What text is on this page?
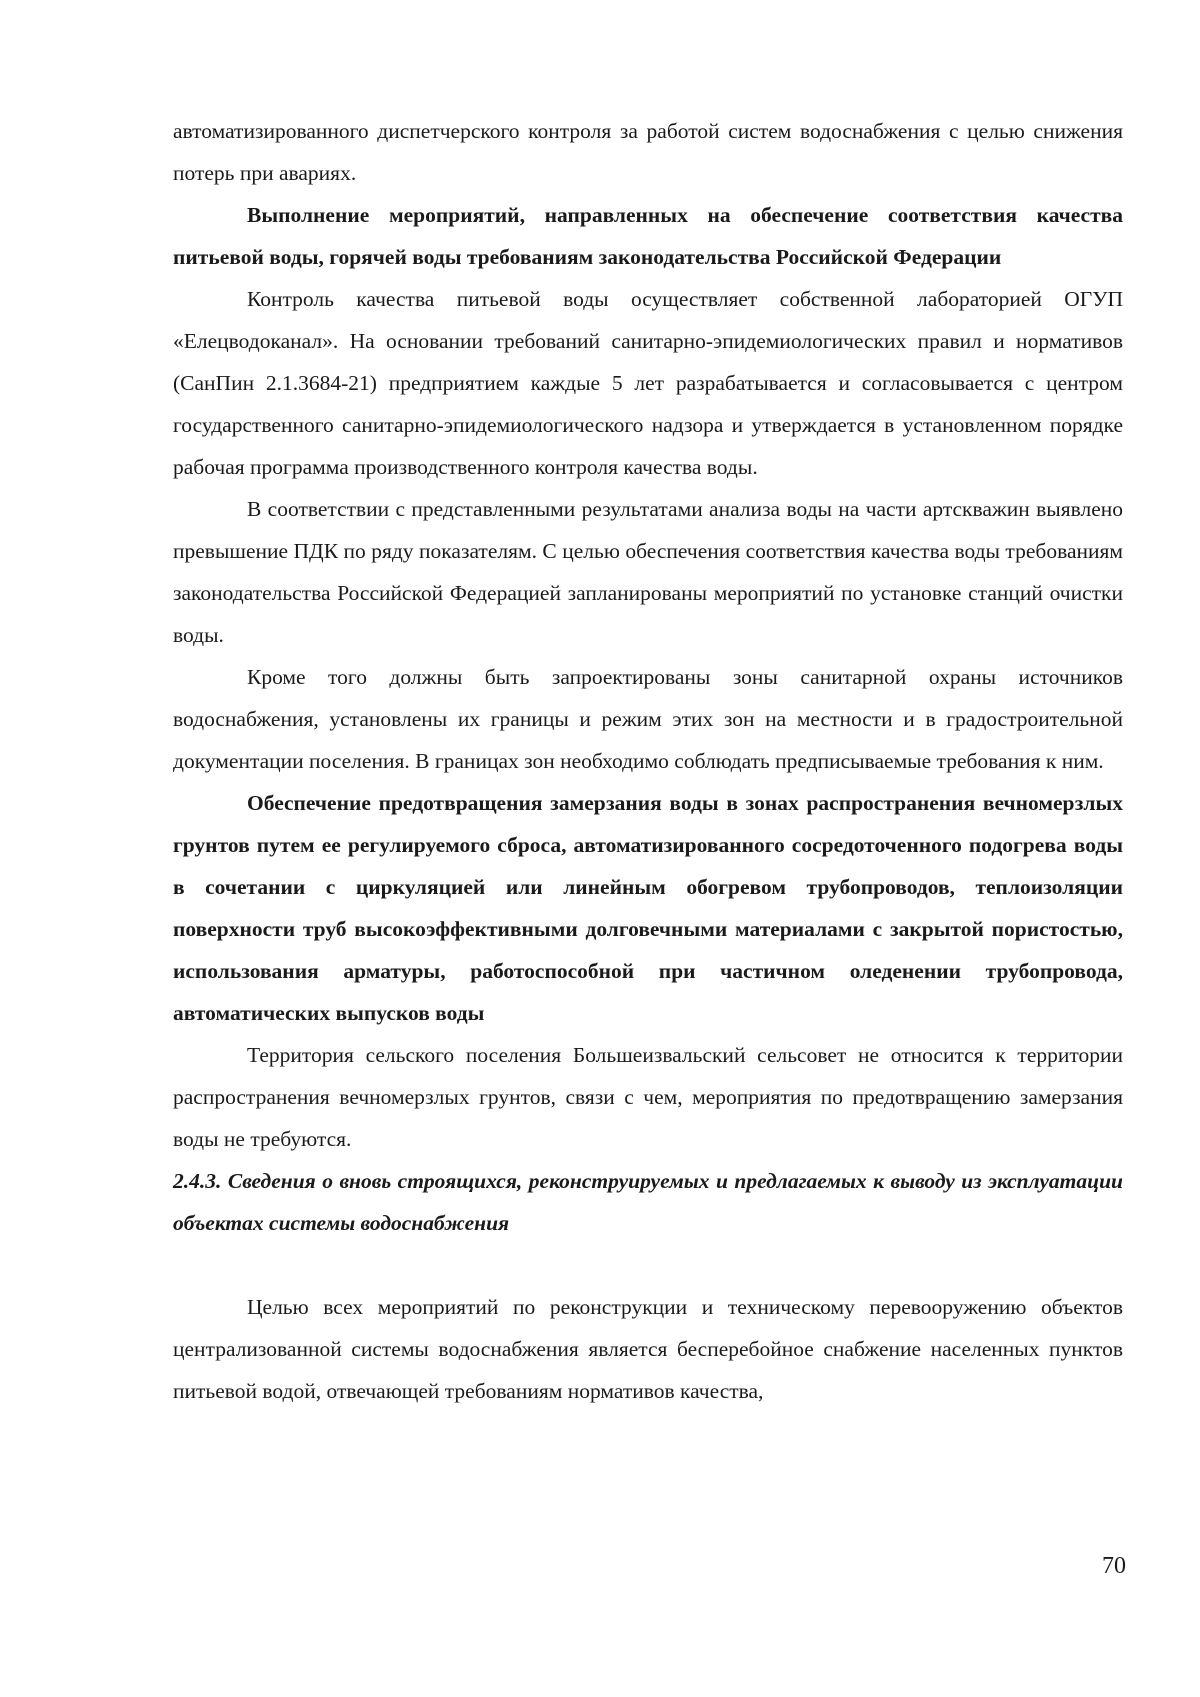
автоматизированного диспетчерского контроля за работой систем водоснабжения с целью снижения потерь при авариях.

Выполнение мероприятий, направленных на обеспечение соответствия качества питьевой воды, горячей воды требованиям законодательства Российской Федерации

Контроль качества питьевой воды осуществляет собственной лабораторией ОГУП «Елецводоканал». На основании требований санитарно-эпидемиологических правил и нормативов (СанПин 2.1.3684-21) предприятием каждые 5 лет разрабатывается и согласовывается с центром государственного санитарно-эпидемиологического надзора и утверждается в установленном порядке рабочая программа производственного контроля качества воды.

В соответствии с представленными результатами анализа воды на части артскважин выявлено превышение ПДК по ряду показателям. С целью обеспечения соответствия качества воды требованиям законодательства Российской Федерацией запланированы мероприятий по установке станций очистки воды.

Кроме того должны быть запроектированы зоны санитарной охраны источников водоснабжения, установлены их границы и режим этих зон на местности и в градостроительной документации поселения. В границах зон необходимо соблюдать предписываемые требования к ним.

Обеспечение предотвращения замерзания воды в зонах распространения вечномерзлых грунтов путем ее регулируемого сброса, автоматизированного сосредоточенного подогрева воды в сочетании с циркуляцией или линейным обогревом трубопроводов, теплоизоляции поверхности труб высокоэффективными долговечными материалами с закрытой пористостью, использования арматуры, работоспособной при частичном оледенении трубопровода, автоматических выпусков воды

Территория сельского поселения Большеизвальский сельсовет не относится к территории распространения вечномерзлых грунтов, связи с чем, мероприятия по предотвращению замерзания воды не требуются.

2.4.3. Сведения о вновь строящихся, реконструируемых и предлагаемых к выводу из эксплуатации объектах системы водоснабжения

Целью всех мероприятий по реконструкции и техническому перевооружению объектов централизованной системы водоснабжения является бесперебойное снабжение населенных пунктов питьевой водой, отвечающей требованиям нормативов качества,

70
